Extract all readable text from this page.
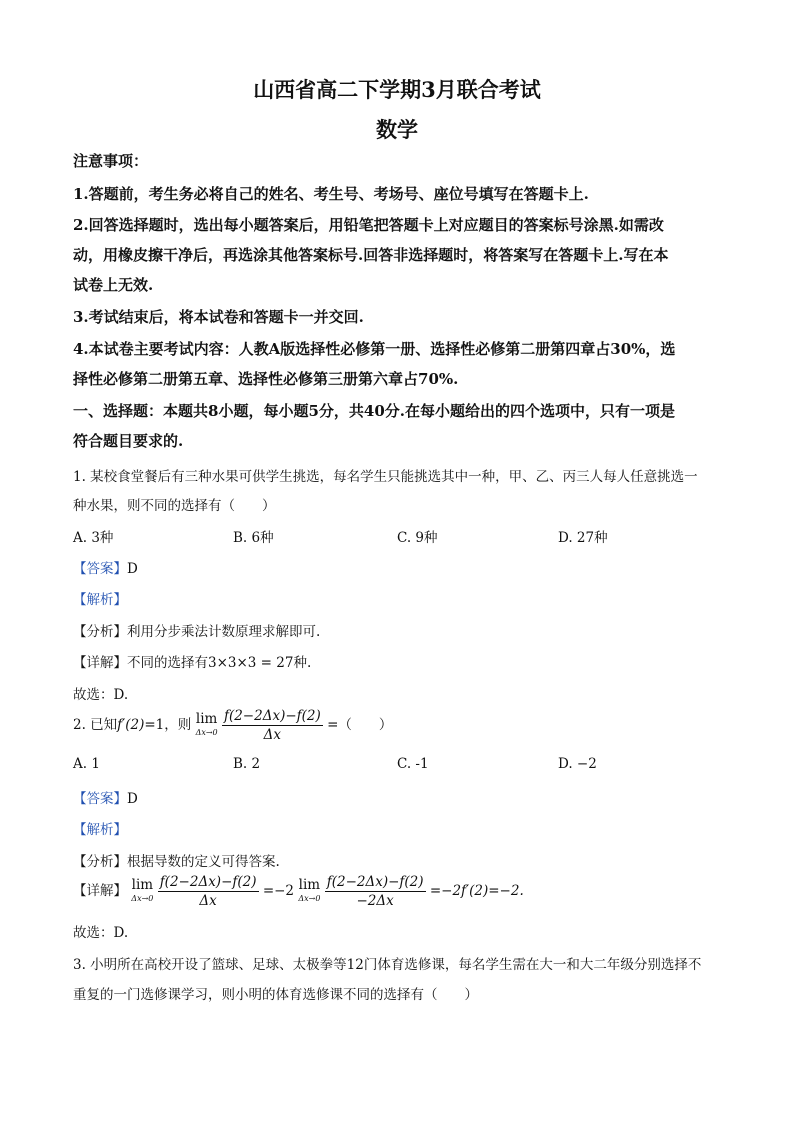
山西省高二下学期3月联合考试
数学
注意事项：
1.答题前，考生务必将自己的姓名、考生号、考场号、座位号填写在答题卡上.
2.回答选择题时，选出每小题答案后，用铅笔把答题卡上对应题目的答案标号涂黑.如需改
动，用橡皮擦干净后，再选涂其他答案标号.回答非选择题时，将答案写在答题卡上.写在本
试卷上无效.
3.考试结束后，将本试卷和答题卡一并交回.
4.本试卷主要考试内容：人教A版选择性必修第一册、选择性必修第二册第四章占30%，选
择性必修第二册第五章、选择性必修第三册第六章占70%.
一、选择题：本题共8小题，每小题5分，共40分.在每小题给出的四个选项中，只有一项是
符合题目要求的.
1. 某校食堂餐后有三种水果可供学生挑选，每名学生只能挑选其中一种，甲、乙、丙三人每人任意挑选一
种水果，则不同的选择有（　　）
A. 3种	B. 6种	C. 9种	D. 27种
【答案】D
【解析】
【分析】利用分步乘法计数原理求解即可.
【详解】不同的选择有3×3×3 = 27种.
故选：D.
2. 已知f′(2)=1，则 lim
Δx→0
$\frac{f(2-2\Delta x)-f(2)}{\Delta x}$ =（　　）
A. 1	B. 2	C. -1	D. −2
【答案】D
【解析】
【分析】根据导数的定义可得答案.
【详解】 lim
Δx→0
$\frac{f(2-2\Delta x)-f(2)}{\Delta x} =-2$ lim
Δx→0
$\frac{f(2-2\Delta x)-f(2)}{-2\Delta x} =-2f'(2)=-2$.
故选：D.
3. 小明所在高校开设了篮球、足球、太极拳等12门体育选修课，每名学生需在大一和大二年级分别选择不
重复的一门选修课学习，则小明的体育选修课不同的选择有（　　）
